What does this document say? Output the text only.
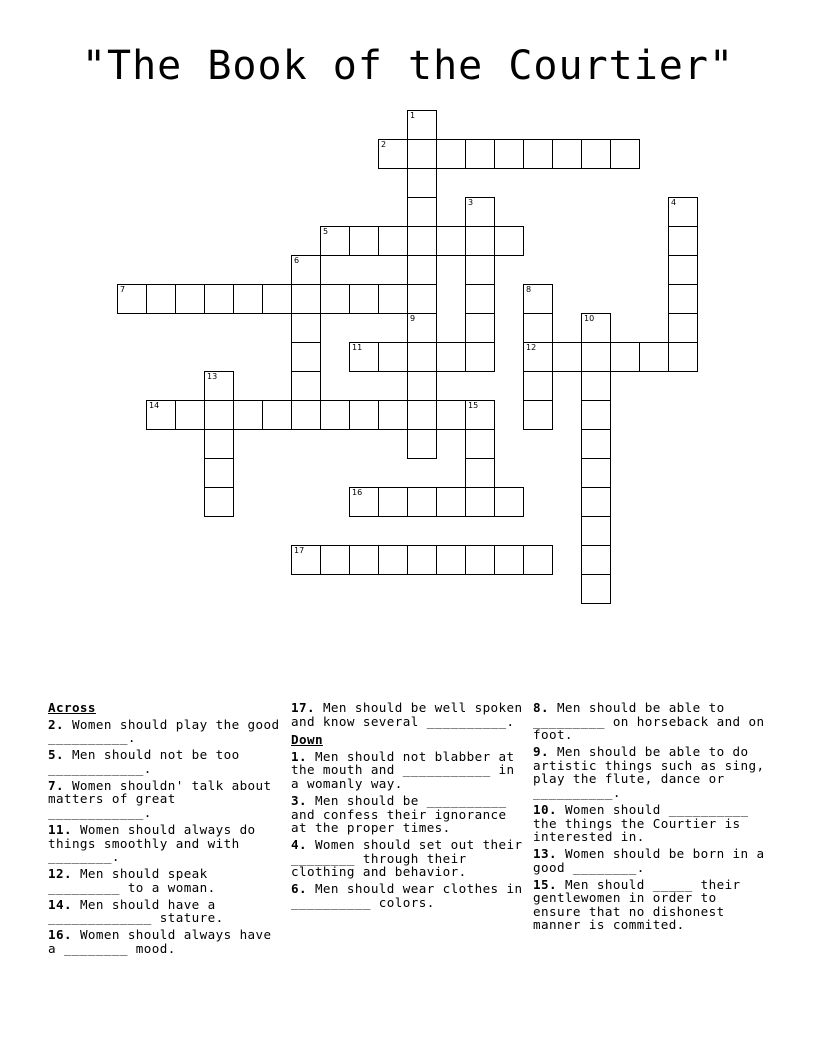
"The Book of the Courtier"
1
9
2
3	4
5
6
7	8
12
10
11
13
14	15
16
17
Across
2. Women should play the good __________.
5. Men should not be too ____________.
7. Women shouldn' talk about matters of great ____________.
11. Women should always do things smoothly and with ________.
12. Men should speak _________ to a woman.
14. Men should have a _____________ stature.
16. Women should always have a ________ mood.
17. Men should be well spoken and know several __________.
Down
1. Men should not blabber at the mouth and ___________ in a womanly way.
3. Men should be __________ and confess their ignorance at the proper times.
4. Women should set out their ________ through their clothing and behavior.
6. Men should wear clothes in __________ colors.
8. Men should be able to _________ on horseback and on foot.
9. Men should be able to do artistic things such as sing, play the flute, dance or __________.
10. Women should __________ the things the Courtier is interested in.
13. Women should be born in a good ________.
15. Men should _____ their gentlewomen in order to ensure that no dishonest manner is commited.
